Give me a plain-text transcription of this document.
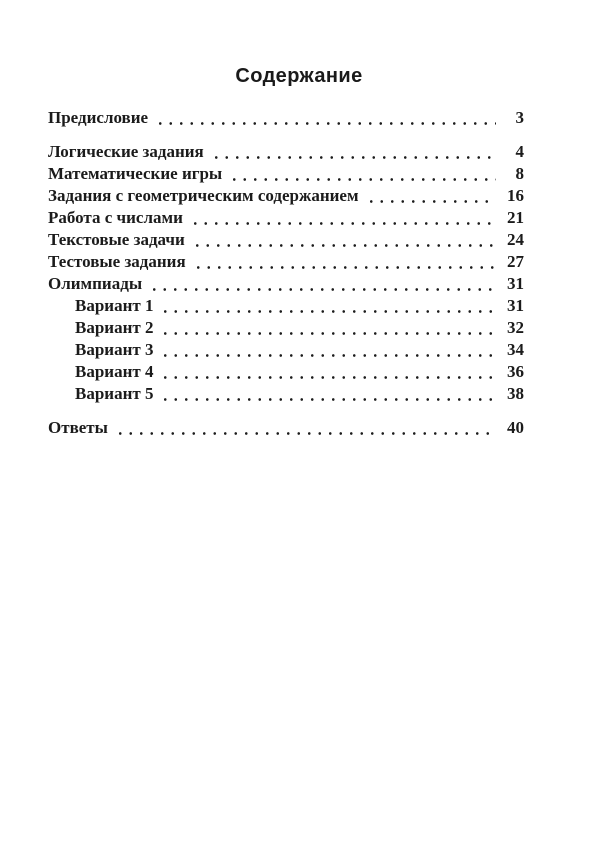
Содержание
Предисловие	3
Логические задания	4
Математические игры	8
Задания с геометрическим содержанием	16
Работа с числами	21
Текстовые задачи	24
Тестовые задания	27
Олимпиады	31
Вариант 1	31
Вариант 2	32
Вариант 3	34
Вариант 4	36
Вариант 5	38
Ответы	40
